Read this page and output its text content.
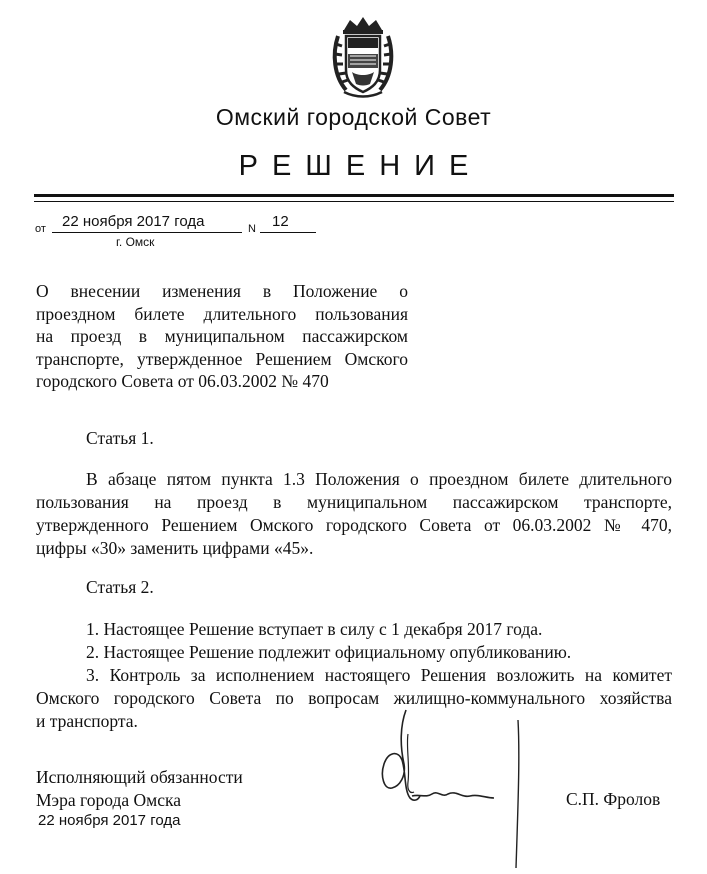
Омский городской Совет
РЕШЕНИЕ
от	22 ноября 2017 года	N	12
г. Омск
О внесении изменения в Положение о
проездном билете длительного пользования
на проезд в муниципальном пассажирском
транспорте, утвержденное Решением Омского
городского Совета от 06.03.2002 № 470
Статья 1.
В абзаце пятом пункта 1.3 Положения о проездном билете длительного
пользования на проезд в муниципальном пассажирском транспорте,
утвержденного Решением Омского городского Совета от 06.03.2002 № 470,
цифры «30» заменить цифрами «45».
Статья 2.
1. Настоящее Решение вступает в силу с 1 декабря 2017 года.
2. Настоящее Решение подлежит официальному опубликованию.
3. Контроль за исполнением настоящего Решения возложить на комитет
Омского городского Совета по вопросам жилищно-коммунального хозяйства
и транспорта.
Исполняющий обязанности
Мэра города Омска
22 ноября 2017 года
С.П. Фролов
